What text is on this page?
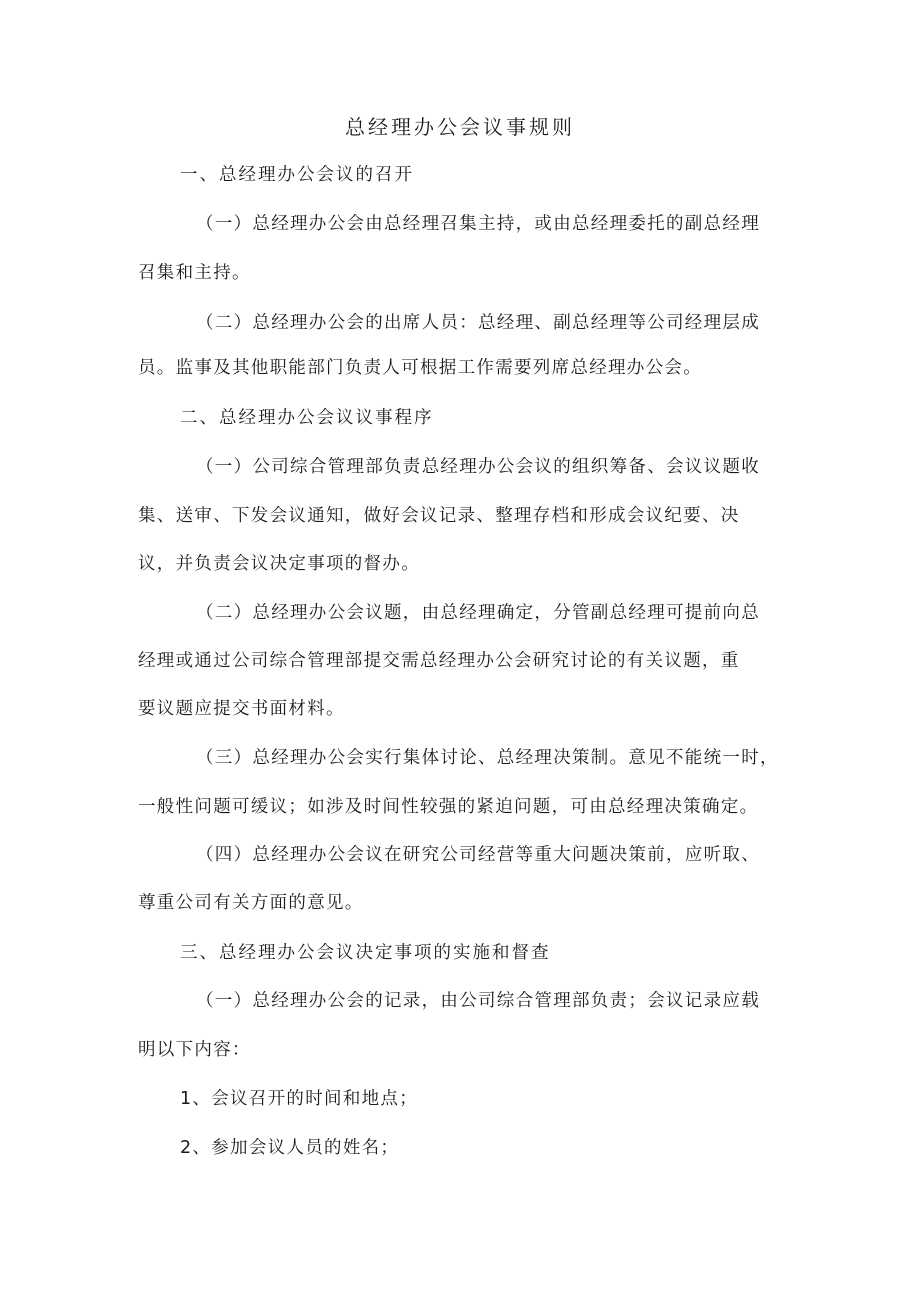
总经理办公会议事规则
一、总经理办公会议的召开
（一）总经理办公会由总经理召集主持，或由总经理委托的副总经理
召集和主持。
（二）总经理办公会的出席人员：总经理、副总经理等公司经理层成
员。监事及其他职能部门负责人可根据工作需要列席总经理办公会。
二、总经理办公会议议事程序
（一）公司综合管理部负责总经理办公会议的组织筹备、会议议题收
集、送审、下发会议通知，做好会议记录、整理存档和形成会议纪要、决
议，并负责会议决定事项的督办。
（二）总经理办公会议题，由总经理确定，分管副总经理可提前向总
经理或通过公司综合管理部提交需总经理办公会研究讨论的有关议题，重
要议题应提交书面材料。
（三）总经理办公会实行集体讨论、总经理决策制。意见不能统一时，
一般性问题可缓议；如涉及时间性较强的紧迫问题，可由总经理决策确定。
（四）总经理办公会议在研究公司经营等重大问题决策前，应听取、
尊重公司有关方面的意见。
三、总经理办公会议决定事项的实施和督查
（一）总经理办公会的记录，由公司综合管理部负责；会议记录应载
明以下内容：
1、会议召开的时间和地点；
2、参加会议人员的姓名；
